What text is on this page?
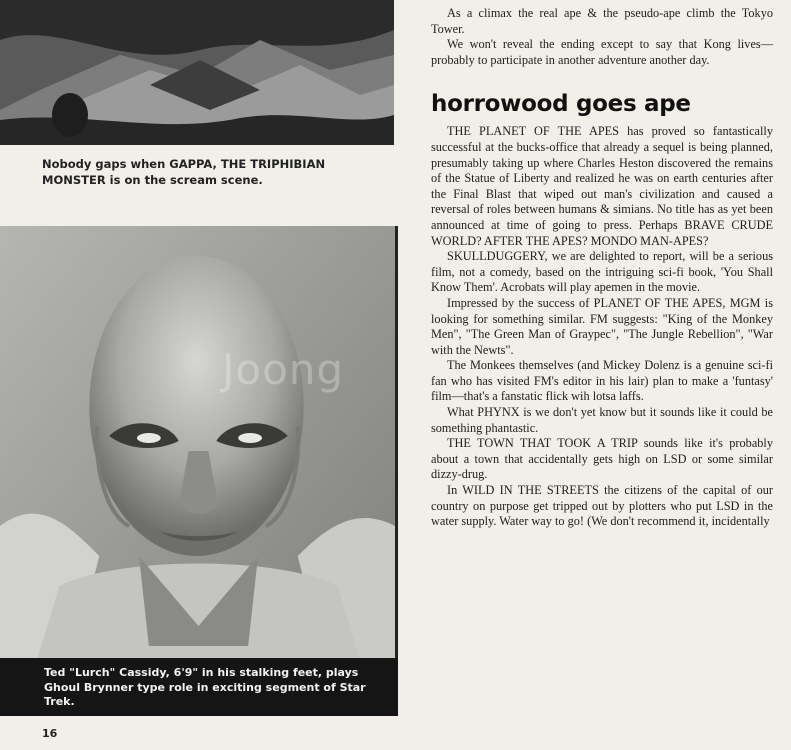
Nobody gaps when GAPPA, THE TRIPHIBIAN MONSTER is on the scream scene.
Joong
Ted "Lurch" Cassidy, 6'9" in his stalking feet, plays Ghoul Brynner type role in exciting segment of Star Trek.
16

As a climax the real ape & the pseudo-ape climb the Tokyo Tower.

We won't reveal the ending except to say that Kong lives—probably to participate in another adventure another day.

horrowood goes ape

THE PLANET OF THE APES has proved so fantastically successful at the bucks-office that already a sequel is being planned, presumably taking up where Charles Heston discovered the remains of the Statue of Liberty and realized he was on earth centuries after the Final Blast that wiped out man's civilization and caused a reversal of roles between humans & simians. No title has as yet been announced at time of going to press. Perhaps BRAVE CRUDE WORLD? AFTER THE APES? MONDO MAN-APES?

SKULLDUGGERY, we are delighted to report, will be a serious film, not a comedy, based on the intriguing sci-fi book, 'You Shall Know Them'. Acrobats will play apemen in the movie.

Impressed by the success of PLANET OF THE APES, MGM is looking for something similar. FM suggests: "King of the Monkey Men", "The Green Man of Graypec", "The Jungle Rebellion", "War with the Newts".

The Monkees themselves (and Mickey Dolenz is a genuine sci-fi fan who has visited FM's editor in his lair) plan to make a 'funtasy' film—that's a fanstatic flick wih lotsa laffs.

What PHYNX is we don't yet know but it sounds like it could be something phantastic.

THE TOWN THAT TOOK A TRIP sounds like it's probably about a town that accidentally gets high on LSD or some similar dizzy-drug.

In WILD IN THE STREETS the citizens of the capital of our country on purpose get tripped out by plotters who put LSD in the water supply. Water way to go! (We don't recommend it, incidentally
